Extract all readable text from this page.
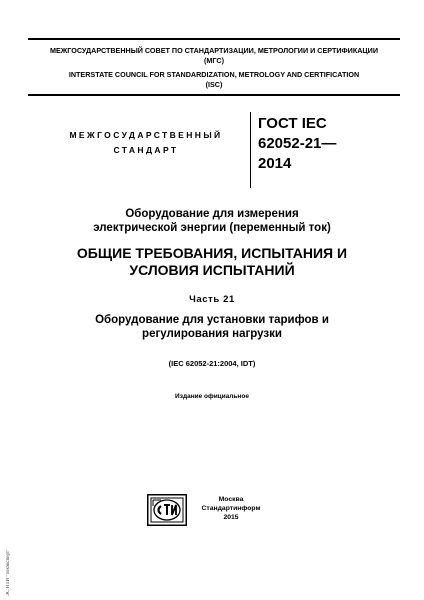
МЕЖГОСУДАРСТВЕННЫЙ СОВЕТ ПО СТАНДАРТИЗАЦИИ, МЕТРОЛОГИИ И СЕРТИФИКАЦИИ

(МГС)

INTERSTATE COUNCIL FOR STANDARDIZATION, METROLOGY AND CERTIFICATION

(ISC)

МЕЖГОСУДАРСТВЕННЫЙ
СТАНДАРТ
ГОСТ IEC
62052-21—
2014
Оборудование для измерения
электрической энергии (переменный ток)
ОБЩИЕ ТРЕБОВАНИЯ, ИСПЫТАНИЯ И
УСЛОВИЯ ИСПЫТАНИЙ
Часть 21
Оборудование для установки тарифов и
регулирования нагрузки
(IEC 62052-21:2004, IDT)
Издание официальное
Москва
Стандартинформ
2015
ЭС НТИ "Техэксперт"
